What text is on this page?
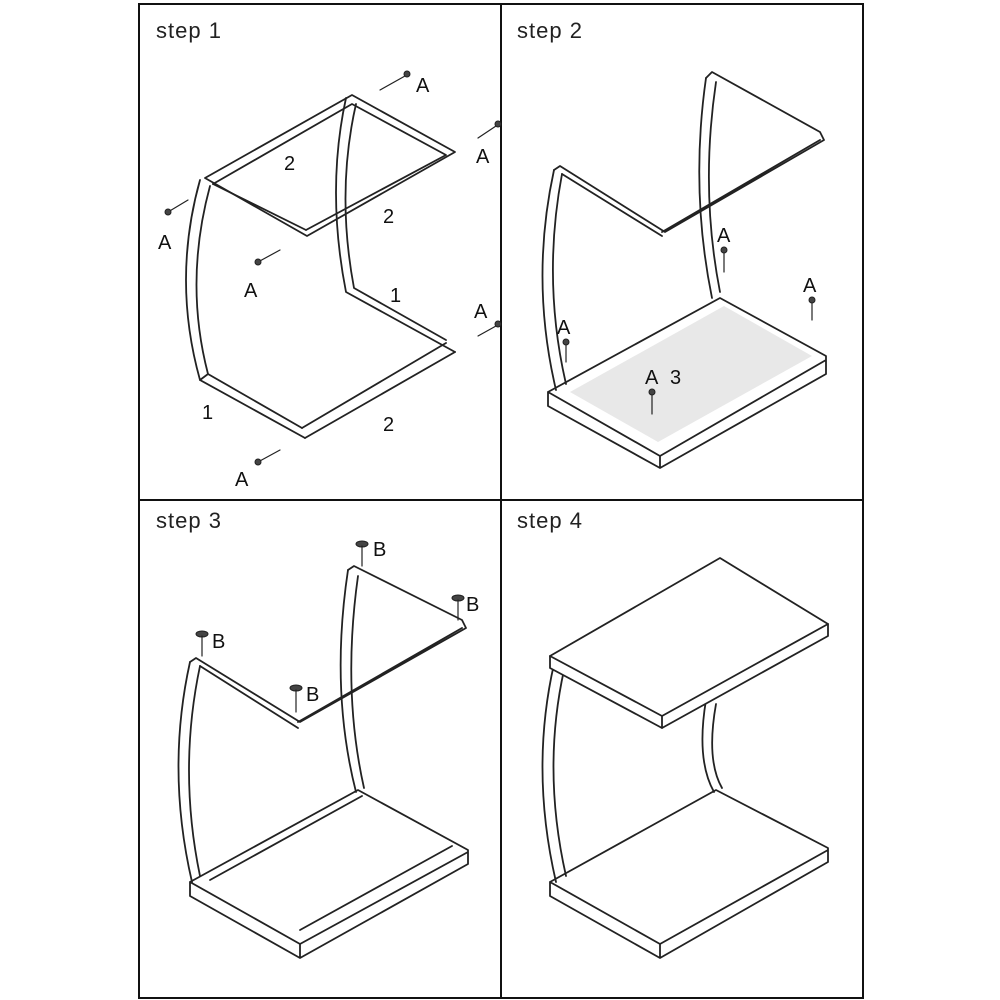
step 1
A
A
A
A
A
A
2
2
2
1
1
step 2
A
A
A
A 3
step 3
B
B
B
B
step 4
